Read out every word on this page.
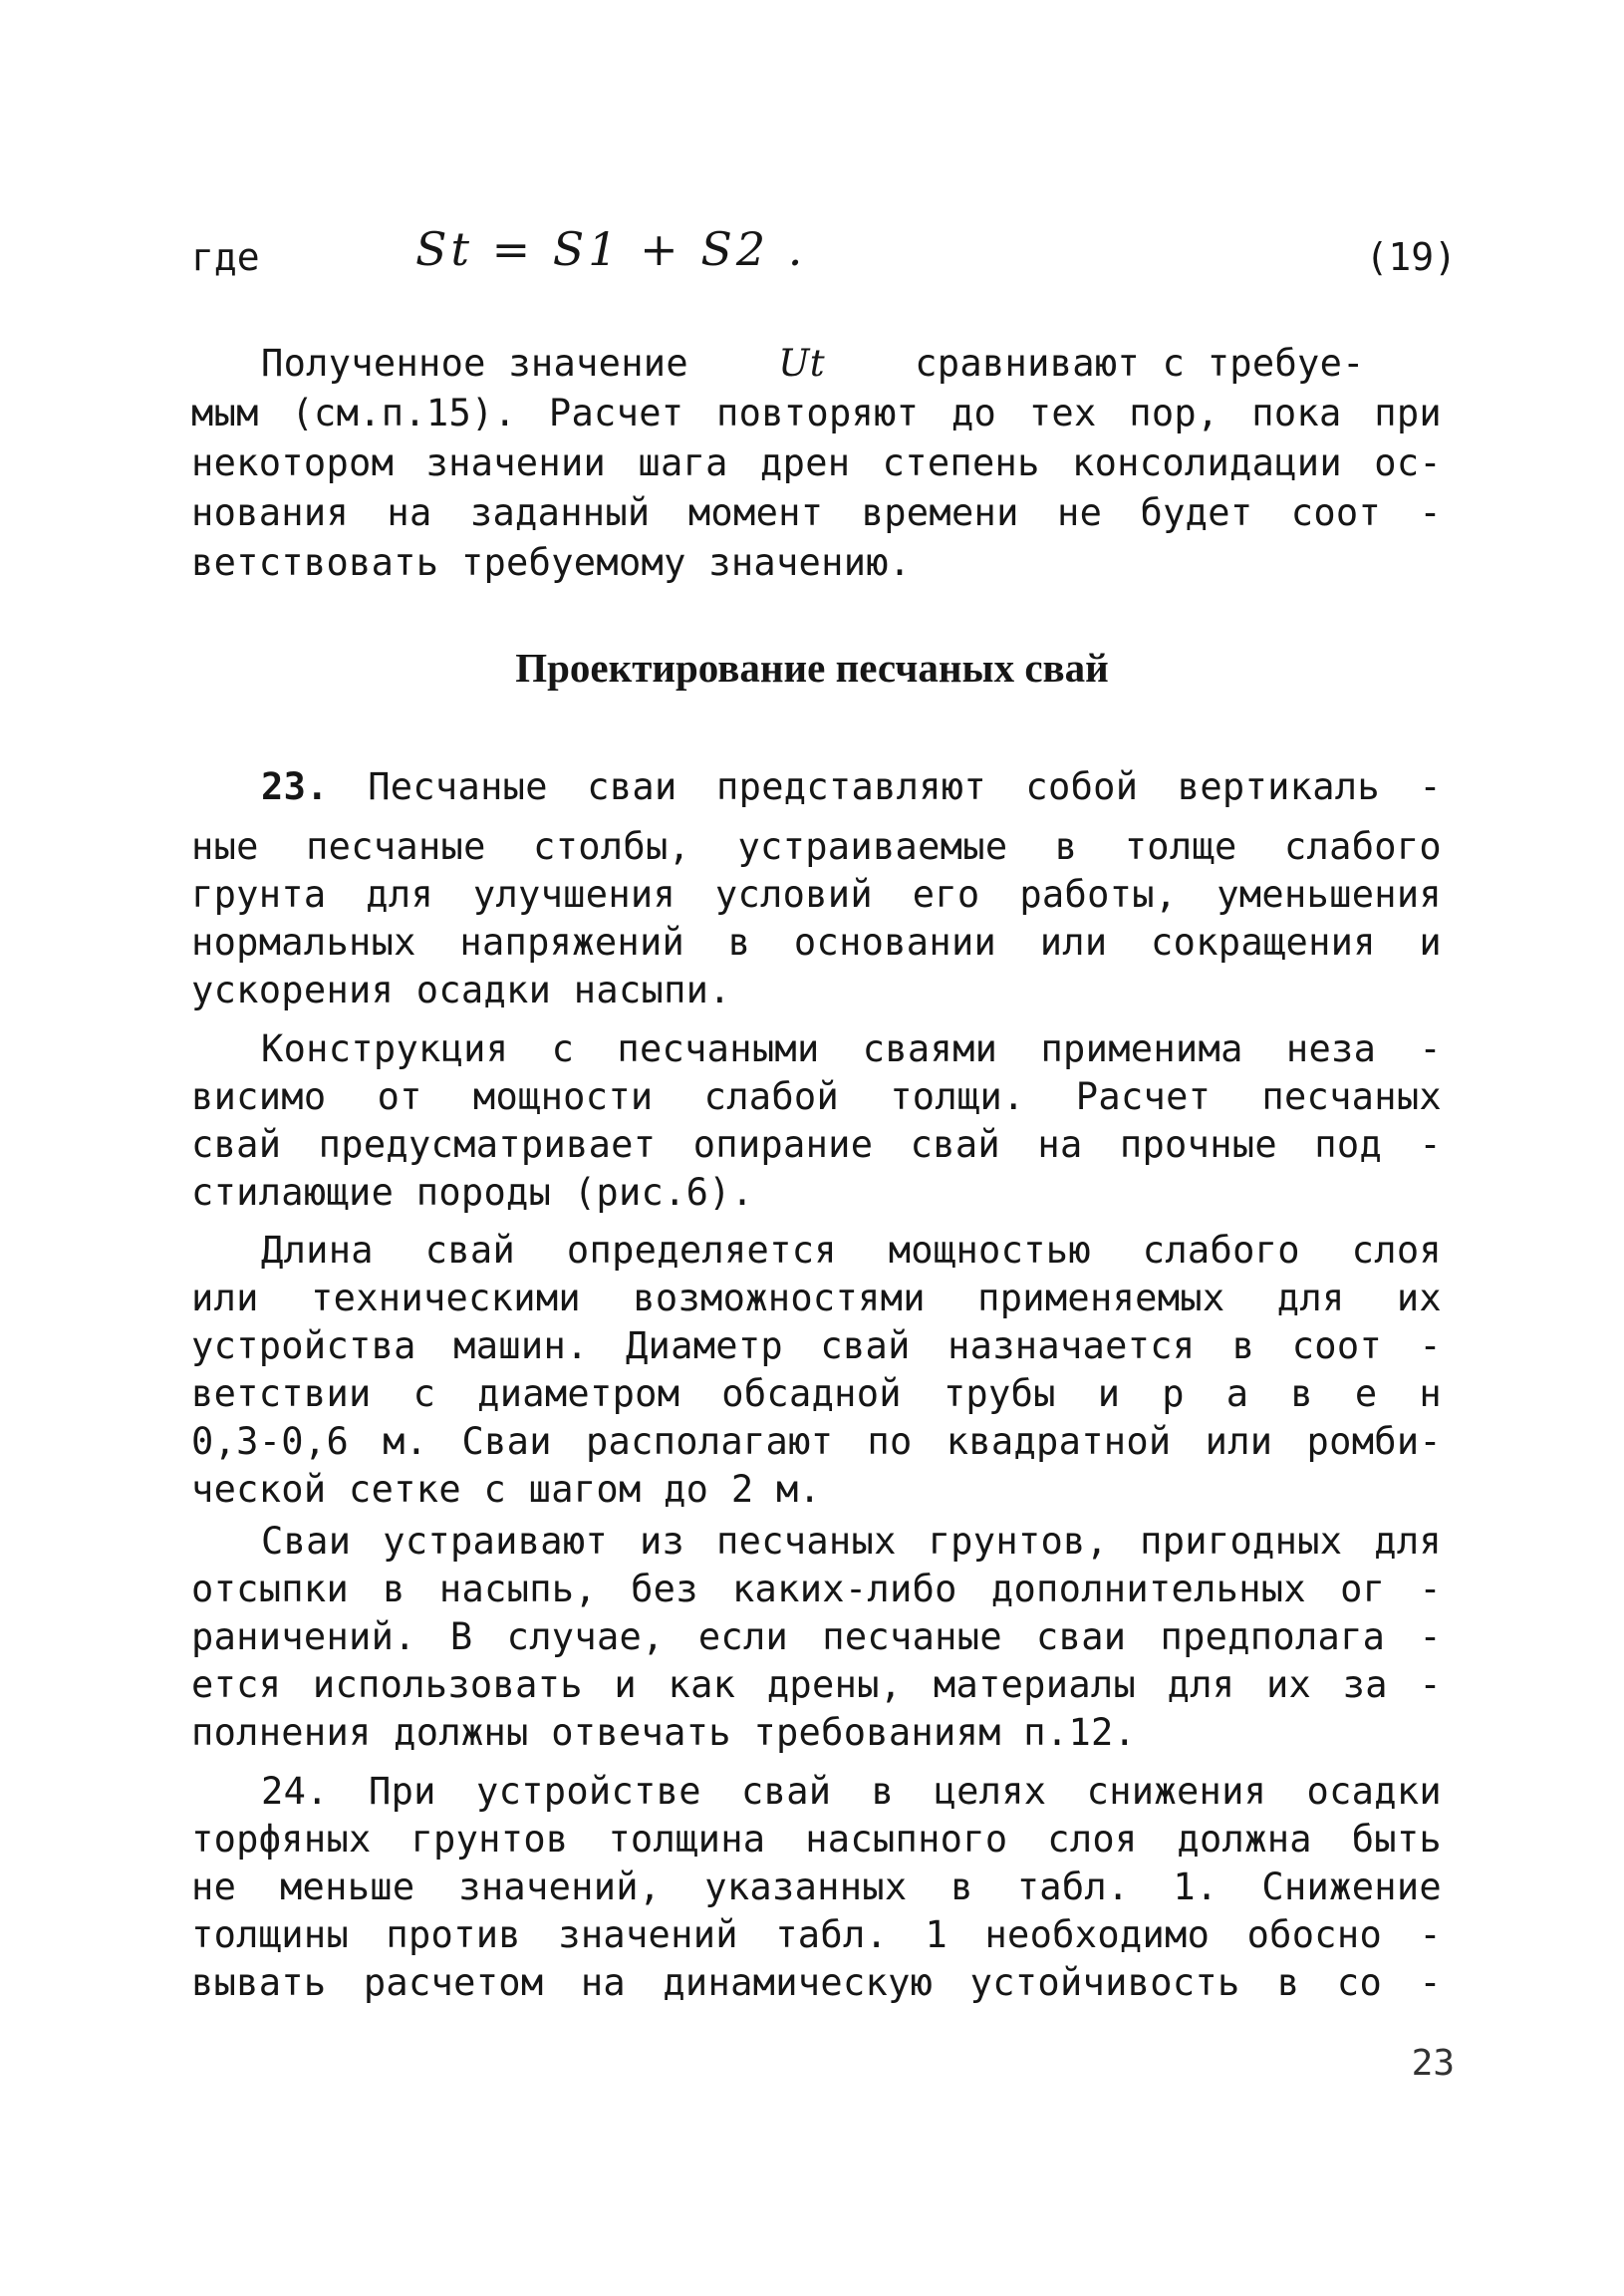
где	St = S1 + S2 .	(19)
Полученное значение Ut сравнивают с требуе-
мым (см.п.15). Расчет повторяют до тех пор, пока при
некотором значении шага дрен степень консолидации ос-
нования на заданный момент времени не будет соот -
ветствовать требуемому значению.
Проектирование песчаных свай
23. Песчаные сваи представляют собой вертикаль -
ные песчаные столбы, устраиваемые в толще слабого
грунта для улучшения условий его работы, уменьшения
нормальных напряжений в основании или сокращения и
ускорения осадки насыпи.
Конструкция с песчаными сваями применима неза -
висимо от мощности слабой толщи. Расчет песчаных
свай предусматривает опирание свай на прочные под -
стилающие породы (рис.6).
Длина свай определяется мощностью слабого слоя
или техническими возможностями применяемых для их
устройства машин. Диаметр свай назначается в соот -
ветствии с диаметром обсадной трубы и р а в е н
0,3-0,6 м. Сваи располагают по квадратной или ромби-
ческой сетке с шагом до 2 м.
Сваи устраивают из песчаных грунтов, пригодных для
отсыпки в насыпь, без каких-либо дополнительных ог -
раничений. В случае, если песчаные сваи предполага -
ется использовать и как дрены, материалы для их за -
полнения должны отвечать требованиям п.12.
24. При устройстве свай в целях снижения осадки
торфяных грунтов толщина насыпного слоя должна быть
не меньше значений, указанных в табл. 1. Снижение
толщины против значений табл. 1 необходимо обосно -
вывать расчетом на динамическую устойчивость в со -
23
